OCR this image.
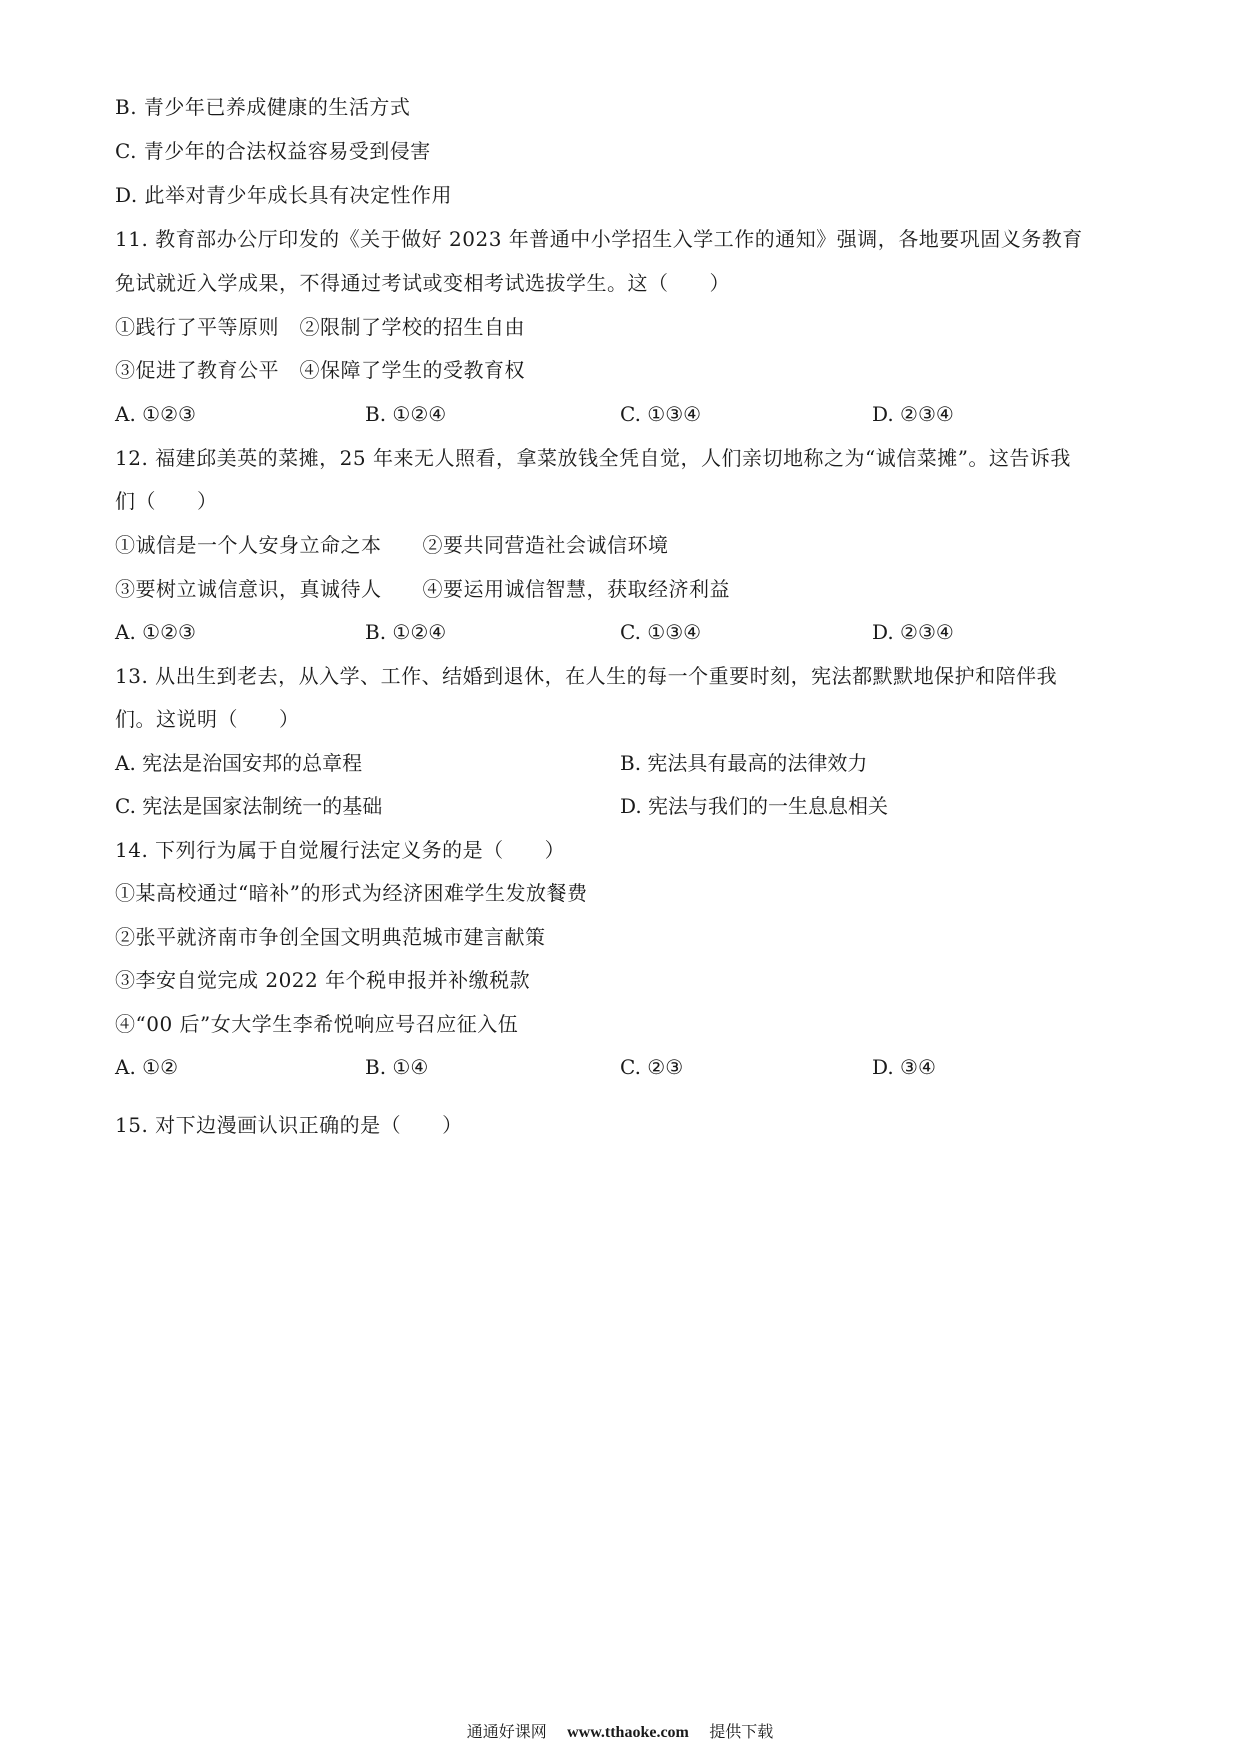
B. 青少年已养成健康的生活方式
C. 青少年的合法权益容易受到侵害
D. 此举对青少年成长具有决定性作用
11. 教育部办公厅印发的《关于做好 2023 年普通中小学招生入学工作的通知》强调，各地要巩固义务教育
免试就近入学成果，不得通过考试或变相考试选拔学生。这（　　）
①践行了平等原则　②限制了学校的招生自由
③促进了教育公平　④保障了学生的受教育权
A. ①②③	B. ①②④	C. ①③④	D. ②③④
12. 福建邱美英的菜摊，25 年来无人照看，拿菜放钱全凭自觉，人们亲切地称之为“诚信菜摊”。这告诉我
们（　　）
①诚信是一个人安身立命之本　　②要共同营造社会诚信环境
③要树立诚信意识，真诚待人　　④要运用诚信智慧，获取经济利益
A. ①②③	B. ①②④	C. ①③④	D. ②③④
13. 从出生到老去，从入学、工作、结婚到退休，在人生的每一个重要时刻，宪法都默默地保护和陪伴我
们。这说明（　　）
A. 宪法是治国安邦的总章程	B. 宪法具有最高的法律效力
C. 宪法是国家法制统一的基础	D. 宪法与我们的一生息息相关
14. 下列行为属于自觉履行法定义务的是（　　）
①某高校通过“暗补”的形式为经济困难学生发放餐费
②张平就济南市争创全国文明典范城市建言献策
③李安自觉完成 2022 年个税申报并补缴税款
④“00 后”女大学生李希悦响应号召应征入伍
A. ①②	B. ①④	C. ②③	D. ③④
15. 对下边漫画认识正确的是（　　）
通通好课网 www.tthaoke.com 提供下载
